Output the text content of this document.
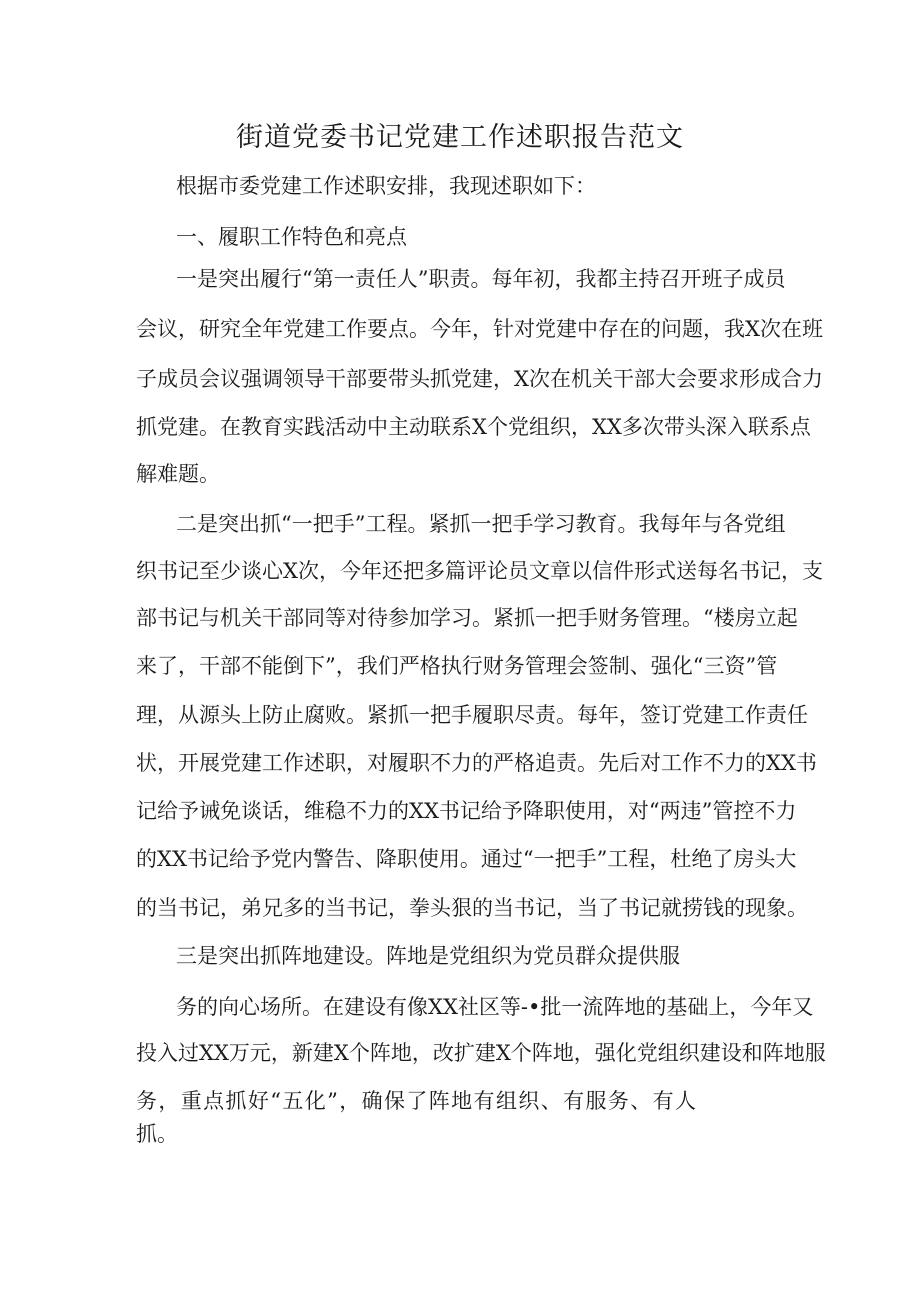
街道党委书记党建工作述职报告范文

根据市委党建工作述职安排，我现述职如下：

一、履职工作特色和亮点

一是突出履行“第一责任人”职责。每年初，我都主持召开班子成员

会议，研究全年党建工作要点。今年，针对党建中存在的问题，我X次在班

子成员会议强调领导干部要带头抓党建，X次在机关干部大会要求形成合力

抓党建。在教育实践活动中主动联系X个党组织，XX多次带头深入联系点

解难题。

二是突出抓“一把手”工程。紧抓一把手学习教育。我每年与各党组

织书记至少谈心X次，今年还把多篇评论员文章以信件形式送每名书记，支

部书记与机关干部同等对待参加学习。紧抓一把手财务管理。“楼房立起

来了，干部不能倒下”，我们严格执行财务管理会签制、强化“三资”管

理，从源头上防止腐败。紧抓一把手履职尽责。每年，签订党建工作责任

状，开展党建工作述职，对履职不力的严格追责。先后对工作不力的XX书

记给予诫免谈话，维稳不力的XX书记给予降职使用，对“两违”管控不力

的XX书记给予党内警告、降职使用。通过“一把手”工程，杜绝了房头大

的当书记，弟兄多的当书记，拳头狠的当书记，当了书记就捞钱的现象。

三是突出抓阵地建设。阵地是党组织为党员群众提供服

务的向心场所。在建设有像XX社区等-•批一流阵地的基础上，今年又

投入过XX万元，新建X个阵地，改扩建X个阵地，强化党组织建设和阵地服

务，重点抓好“五化”，确保了阵地有组织、有服务、有人

抓。
